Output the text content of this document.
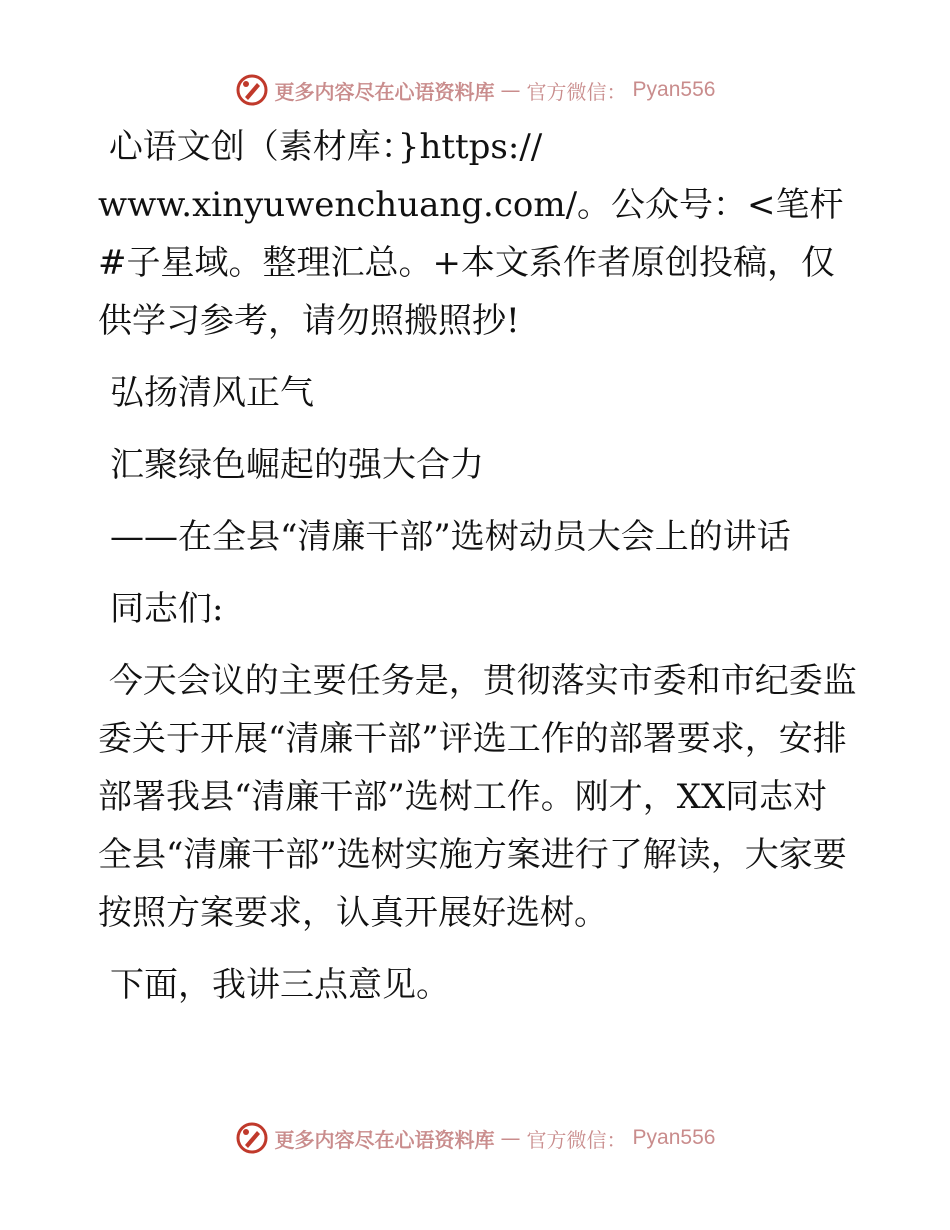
更多内容尽在心语资料库 — 官方微信： Pyan556

心语文创（素材库：}https://
www.xinyuwenchuang.com/。公众号：<笔杆#子星域。整理汇总。+本文系作者原创投稿，仅供学习参考，请勿照搬照抄!

弘扬清风正气

汇聚绿色崛起的强大合力

——在全县“清廉干部”选树动员大会上的讲话

同志们:

今天会议的主要任务是，贯彻落实市委和市纪委监委关于开展“清廉干部”评选工作的部署要求，安排部署我县“清廉干部”选树工作。刚才，XX同志对全县“清廉干部”选树实施方案进行了解读，大家要按照方案要求，认真开展好选树。

下面，我讲三点意见。

更多内容尽在心语资料库 — 官方微信： Pyan556
